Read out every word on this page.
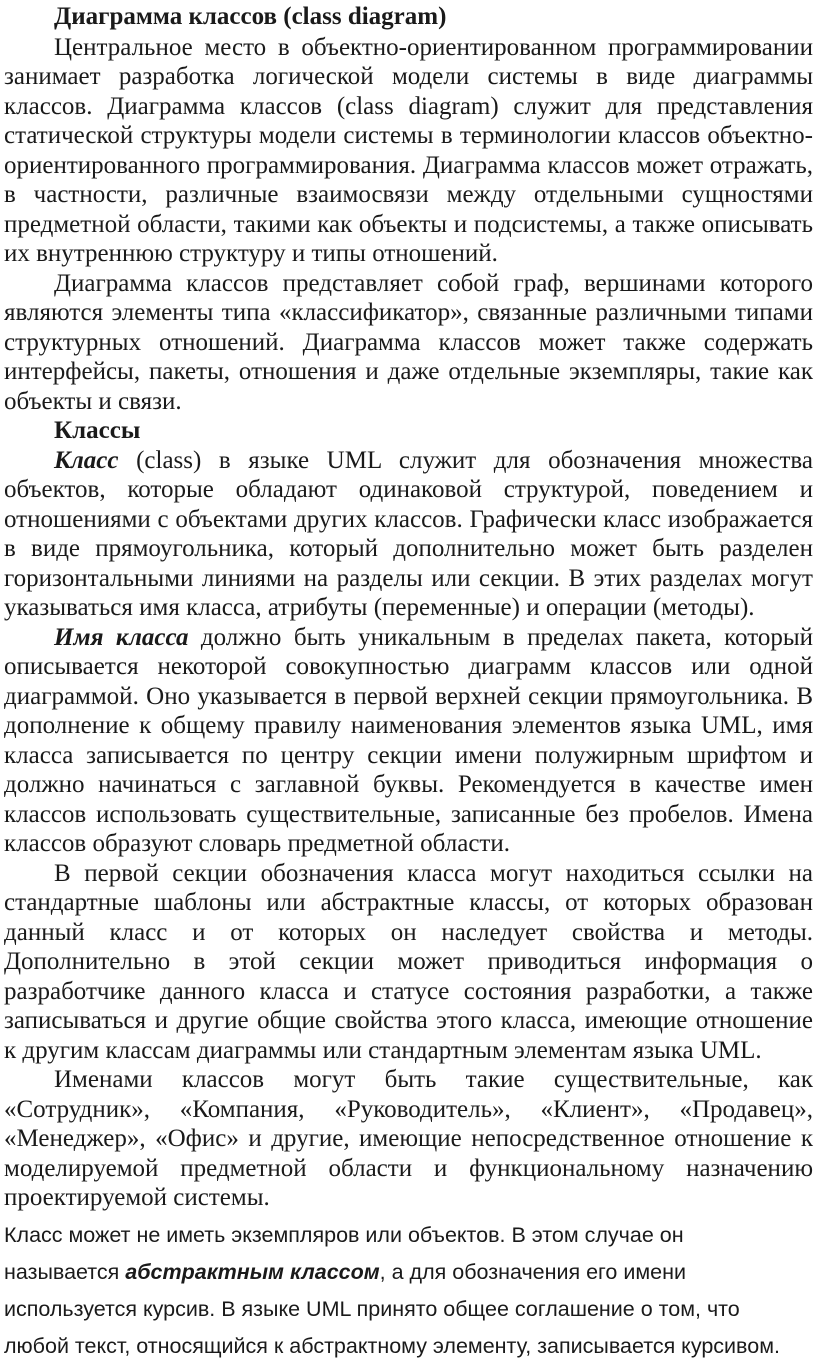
Диаграмма классов (class diagram)

Центральное место в объектно-ориентированном программировании занимает разработка логической модели системы в виде диаграммы классов. Диаграмма классов (class diagram) служит для представления статической структуры модели системы в терминологии классов объектно-ориентированного программирования. Диаграмма классов может отражать, в частности, различные взаимосвязи между отдельными сущностями предметной области, такими как объекты и подсистемы, а также описывать их внутреннюю структуру и типы отношений.

Диаграмма классов представляет собой граф, вершинами которого являются элементы типа «классификатор», связанные различными типами структурных отношений. Диаграмма классов может также содержать интерфейсы, пакеты, отношения и даже отдельные экземпляры, такие как объекты и связи.

Классы

Класс (class) в языке UML служит для обозначения множества объектов, которые обладают одинаковой структурой, поведением и отношениями с объектами других классов. Графически класс изображается в виде прямоугольника, который дополнительно может быть разделен горизонтальными линиями на разделы или секции. В этих разделах могут указываться имя класса, атрибуты (переменные) и операции (методы).

Имя класса должно быть уникальным в пределах пакета, который описывается некоторой совокупностью диаграмм классов или одной диаграммой. Оно указывается в первой верхней секции прямоугольника. В дополнение к общему правилу наименования элементов языка UML, имя класса записывается по центру секции имени полужирным шрифтом и должно начинаться с заглавной буквы. Рекомендуется в качестве имен классов использовать существительные, записанные без пробелов. Имена классов образуют словарь предметной области.

В первой секции обозначения класса могут находиться ссылки на стандартные шаблоны или абстрактные классы, от которых образован данный класс и от которых он наследует свойства и методы. Дополнительно в этой секции может приводиться информация о разработчике данного класса и статусе состояния разработки, а также записываться и другие общие свойства этого класса, имеющие отношение к другим классам диаграммы или стандартным элементам языка UML.

Именами классов могут быть такие существительные, как «Сотрудник», «Компания, «Руководитель», «Клиент», «Продавец», «Менеджер», «Офис» и другие, имеющие непосредственное отношение к моделируемой предметной области и функциональному назначению проектируемой системы.

Класс может не иметь экземпляров или объектов. В этом случае он

называется абстрактным классом, а для обозначения его имени

используется курсив. В языке UML принято общее соглашение о том, что

любой текст, относящийся к абстрактному элементу, записывается курсивом.
